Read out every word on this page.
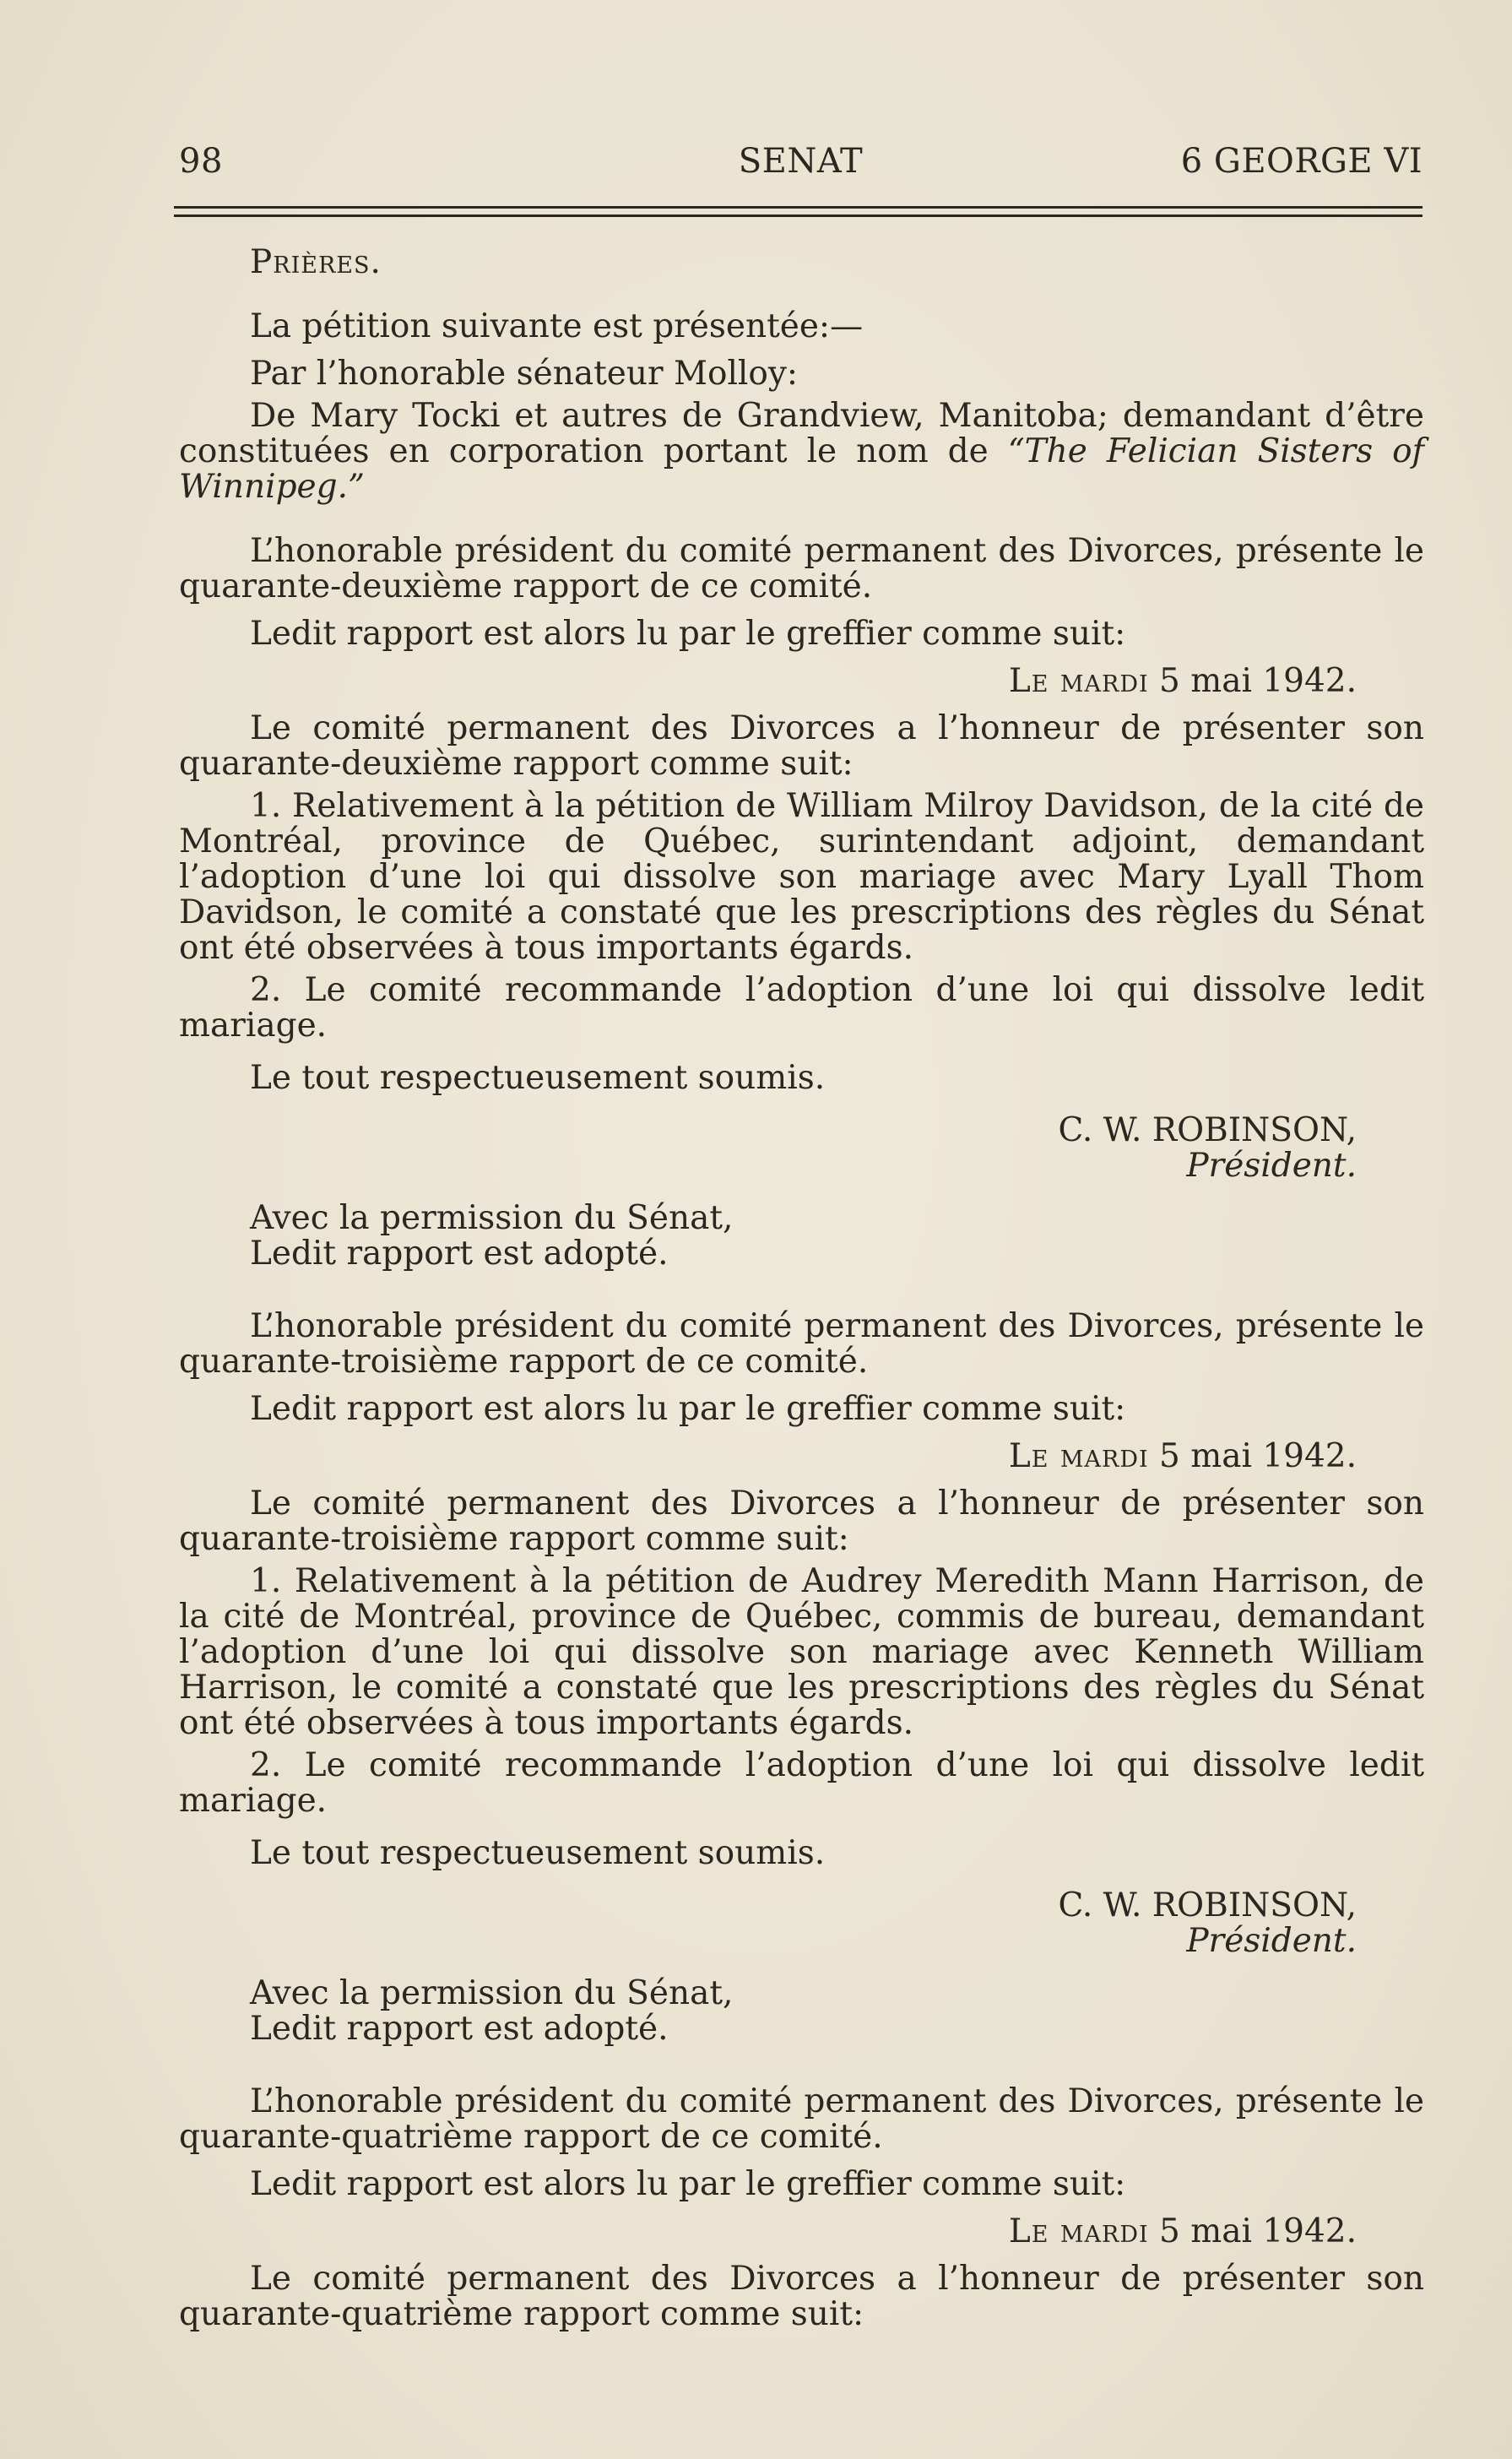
98	SENAT	6 GEORGE VI

Prières.

La pétition suivante est présentée:—

Par l’honorable sénateur Molloy:

De Mary Tocki et autres de Grandview, Manitoba; demandant d’être constituées en corporation portant le nom de “The Felician Sisters of Winnipeg.”

L’honorable président du comité permanent des Divorces, présente le quarante-deuxième rapport de ce comité.

Ledit rapport est alors lu par le greffier comme suit:

Le mardi 5 mai 1942.

Le comité permanent des Divorces a l’honneur de présenter son quarante-deuxième rapport comme suit:

1. Relativement à la pétition de William Milroy Davidson, de la cité de Montréal, province de Québec, surintendant adjoint, demandant l’adoption d’une loi qui dissolve son mariage avec Mary Lyall Thom Davidson, le comité a constaté que les prescriptions des règles du Sénat ont été observées à tous importants égards.

2. Le comité recommande l’adoption d’une loi qui dissolve ledit mariage.

Le tout respectueusement soumis.

C. W. ROBINSON,

Président.

Avec la permission du Sénat,

Ledit rapport est adopté.

L’honorable président du comité permanent des Divorces, présente le quarante-troisième rapport de ce comité.

Ledit rapport est alors lu par le greffier comme suit:

Le mardi 5 mai 1942.

Le comité permanent des Divorces a l’honneur de présenter son quarante-troisième rapport comme suit:

1. Relativement à la pétition de Audrey Meredith Mann Harrison, de la cité de Montréal, province de Québec, commis de bureau, demandant l’adoption d’une loi qui dissolve son mariage avec Kenneth William Harrison, le comité a constaté que les prescriptions des règles du Sénat ont été observées à tous importants égards.

2. Le comité recommande l’adoption d’une loi qui dissolve ledit mariage.

Le tout respectueusement soumis.

C. W. ROBINSON,

Président.

Avec la permission du Sénat,

Ledit rapport est adopté.

L’honorable président du comité permanent des Divorces, présente le quarante-quatrième rapport de ce comité.

Ledit rapport est alors lu par le greffier comme suit:

Le mardi 5 mai 1942.

Le comité permanent des Divorces a l’honneur de présenter son quarante-quatrième rapport comme suit:
